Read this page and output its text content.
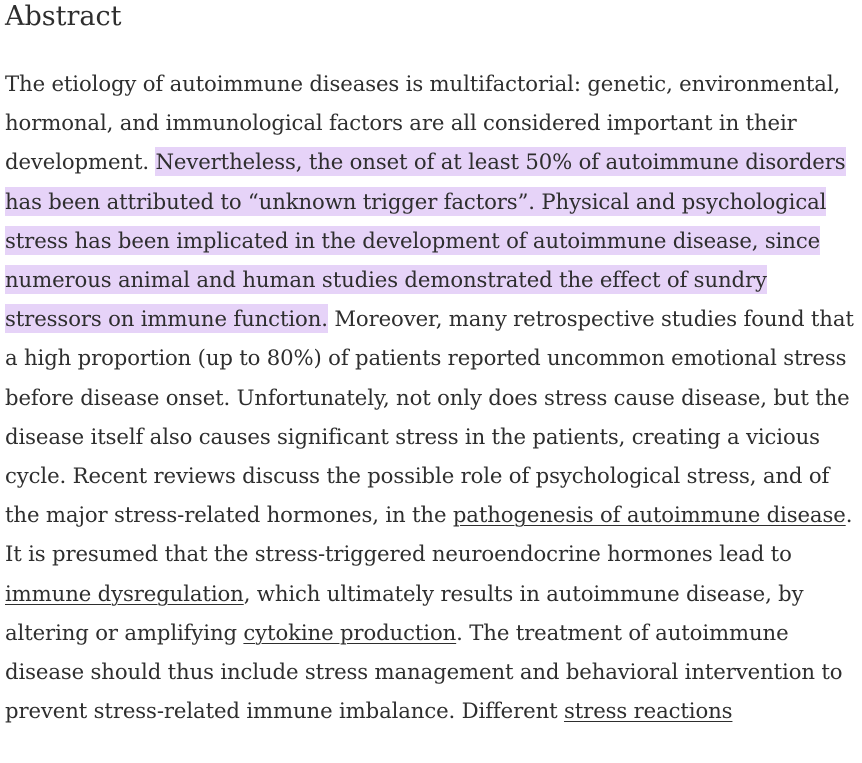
Abstract

The etiology of autoimmune diseases is multifactorial: genetic, environmental, hormonal, and immunological factors are all considered important in their development. Nevertheless, the onset of at least 50% of autoimmune disorders has been attributed to “unknown trigger factors”. Physical and psychological stress has been implicated in the development of autoimmune disease, since numerous animal and human studies demonstrated the effect of sundry stressors on immune function. Moreover, many retrospective studies found that a high proportion (up to 80%) of patients reported uncommon emotional stress before disease onset. Unfortunately, not only does stress cause disease, but the disease itself also causes significant stress in the patients, creating a vicious cycle. Recent reviews discuss the possible role of psychological stress, and of the major stress-related hormones, in the pathogenesis of autoimmune disease. It is presumed that the stress-triggered neuroendocrine hormones lead to immune dysregulation, which ultimately results in autoimmune disease, by altering or amplifying cytokine production. The treatment of autoimmune disease should thus include stress management and behavioral intervention to prevent stress-related immune imbalance. Different stress reactions
